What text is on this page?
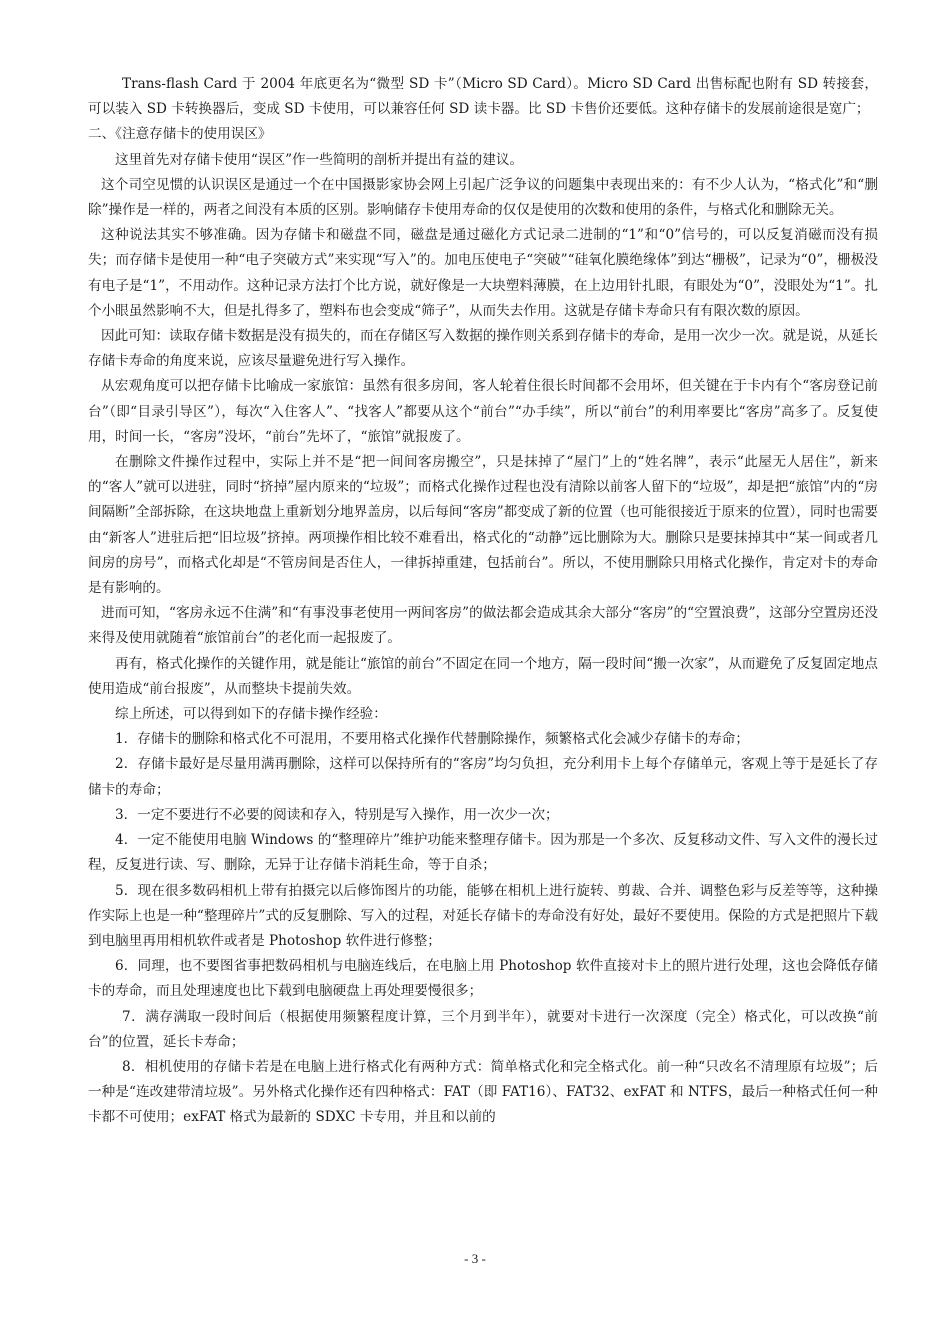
Trans-flash Card 于 2004 年底更名为“微型 SD 卡”（Micro SD Card）。Micro SD Card 出售标配也附有 SD 转接套，可以装入 SD 卡转换器后，变成 SD 卡使用，可以兼容任何 SD 读卡器。比 SD 卡售价还要低。这种存储卡的发展前途很是宽广；

二、《注意存储卡的使用误区》

这里首先对存储卡使用“误区”作一些简明的剖析并提出有益的建议。

这个司空见惯的认识误区是通过一个在中国摄影家协会网上引起广泛争议的问题集中表现出来的：有不少人认为，“格式化”和“删除”操作是一样的，两者之间没有本质的区别。影响储存卡使用寿命的仅仅是使用的次数和使用的条件，与格式化和删除无关。

这种说法其实不够准确。因为存储卡和磁盘不同，磁盘是通过磁化方式记录二进制的“1”和“0”信号的，可以反复消磁而没有损失；而存储卡是使用一种“电子突破方式”来实现“写入”的。加电压使电子“突破”“硅氧化膜绝缘体”到达“栅极”，记录为“0”，栅极没有电子是“1”，不用动作。这种记录方法打个比方说，就好像是一大块塑料薄膜，在上边用针扎眼，有眼处为“0”，没眼处为“1”。扎个小眼虽然影响不大，但是扎得多了，塑料布也会变成“筛子”，从而失去作用。这就是存储卡寿命只有有限次数的原因。

因此可知：读取存储卡数据是没有损失的，而在存储区写入数据的操作则关系到存储卡的寿命，是用一次少一次。就是说，从延长存储卡寿命的角度来说，应该尽量避免进行写入操作。

从宏观角度可以把存储卡比喻成一家旅馆：虽然有很多房间，客人轮着住很长时间都不会用坏，但关键在于卡内有个“客房登记前台”（即“目录引导区”），每次“入住客人”、“找客人”都要从这个“前台”“办手续”，所以“前台”的利用率要比“客房”高多了。反复使用，时间一长，“客房”没坏，“前台”先坏了，“旅馆”就报废了。

在删除文件操作过程中，实际上并不是“把一间间客房搬空”，只是抹掉了“屋门”上的“姓名牌”，表示“此屋无人居住”，新来的“客人”就可以进驻，同时“挤掉”屋内原来的“垃圾”；而格式化操作过程也没有清除以前客人留下的“垃圾”，却是把“旅馆”内的“房间隔断”全部拆除，在这块地盘上重新划分地界盖房，以后每间“客房”都变成了新的位置（也可能很接近于原来的位置），同时也需要由“新客人”进驻后把“旧垃圾”挤掉。两项操作相比较不难看出，格式化的“动静”远比删除为大。删除只是要抹掉其中“某一间或者几间房的房号”，而格式化却是“不管房间是否住人，一律拆掉重建，包括前台”。所以，不使用删除只用格式化操作，肯定对卡的寿命是有影响的。

进而可知，“客房永远不住满”和“有事没事老使用一两间客房”的做法都会造成其余大部分“客房”的“空置浪费”，这部分空置房还没来得及使用就随着“旅馆前台”的老化而一起报废了。

再有，格式化操作的关键作用，就是能让“旅馆的前台”不固定在同一个地方，隔一段时间“搬一次家”，从而避免了反复固定地点使用造成“前台报废”，从而整块卡提前失效。

综上所述，可以得到如下的存储卡操作经验：

1．存储卡的删除和格式化不可混用，不要用格式化操作代替删除操作，频繁格式化会减少存储卡的寿命；

2．存储卡最好是尽量用满再删除，这样可以保持所有的“客房”均匀负担，充分利用卡上每个存储单元，客观上等于是延长了存储卡的寿命；

3．一定不要进行不必要的阅读和存入，特别是写入操作，用一次少一次；

4．一定不能使用电脑 Windows 的“整理碎片”维护功能来整理存储卡。因为那是一个多次、反复移动文件、写入文件的漫长过程，反复进行读、写、删除，无异于让存储卡消耗生命，等于自杀；

5．现在很多数码相机上带有拍摄完以后修饰图片的功能，能够在相机上进行旋转、剪裁、合并、调整色彩与反差等等，这种操作实际上也是一种“整理碎片”式的反复删除、写入的过程，对延长存储卡的寿命没有好处，最好不要使用。保险的方式是把照片下载到电脑里再用相机软件或者是 Photoshop 软件进行修整；

6．同理，也不要图省事把数码相机与电脑连线后，在电脑上用 Photoshop 软件直接对卡上的照片进行处理，这也会降低存储卡的寿命，而且处理速度也比下载到电脑硬盘上再处理要慢很多；

7．满存满取一段时间后（根据使用频繁程度计算，三个月到半年），就要对卡进行一次深度（完全）格式化，可以改换“前台”的位置，延长卡寿命；

8．相机使用的存储卡若是在电脑上进行格式化有两种方式：简单格式化和完全格式化。前一种“只改名不清理原有垃圾”；后一种是“连改建带清垃圾”。另外格式化操作还有四种格式：FAT（即 FAT16）、FAT32、exFAT 和 NTFS，最后一种格式任何一种卡都不可使用；exFAT 格式为最新的 SDXC 卡专用，并且和以前的

- 3 -
